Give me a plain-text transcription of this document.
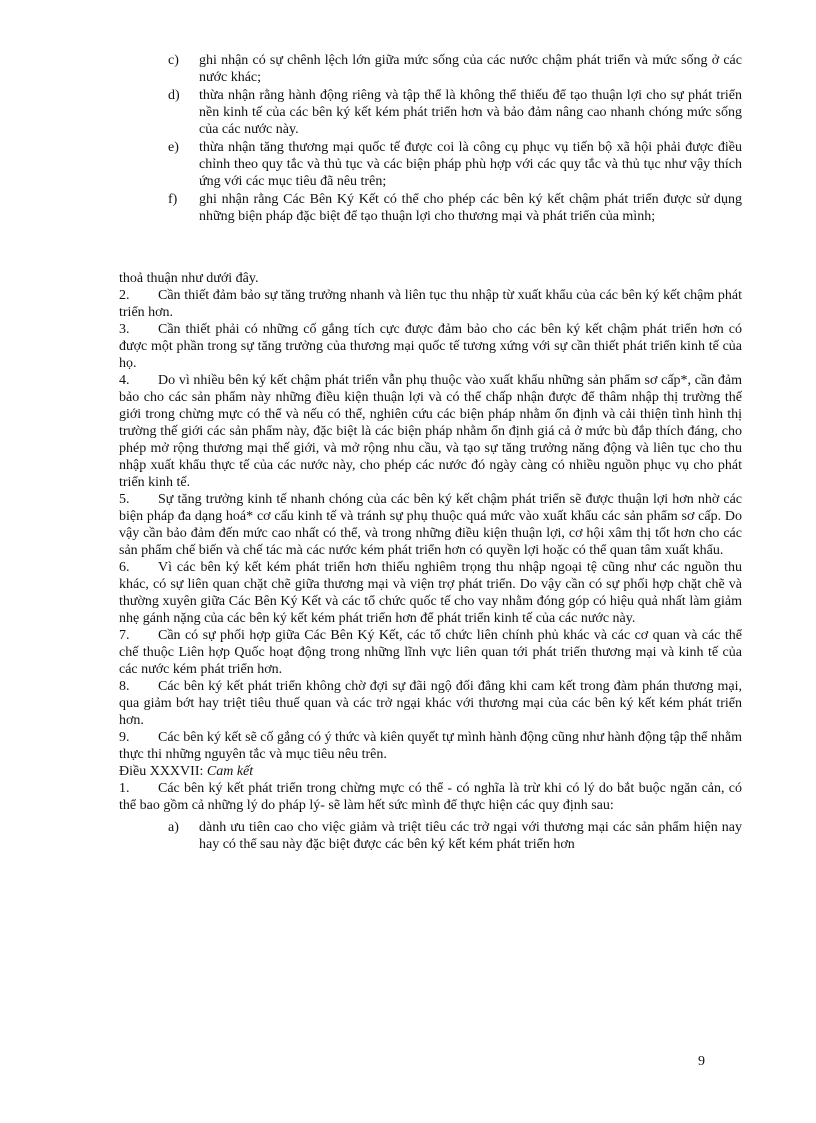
c)	ghi nhận có sự chênh lệch lớn giữa mức sống của các nước chậm phát triển và mức sống ở các nước khác;
d)	thừa nhận rằng hành động riêng và tập thể là không thể thiếu để tạo thuận lợi cho sự phát triển nền kinh tế của các bên ký kết kém phát triển hơn và bảo đảm nâng cao nhanh chóng mức sống của các nước này.
e)	thừa nhận tăng thương mại quốc tế được coi là công cụ phục vụ tiến bộ xã hội phải được điều chỉnh theo quy tắc và thủ tục và các biện pháp phù hợp với các quy tắc và thủ tục như vậy thích ứng với các mục tiêu đã nêu trên;
f)	ghi nhận rằng Các Bên Ký Kết có thể cho phép các bên ký kết chậm phát triển được sử dụng những biện pháp đặc biệt để tạo thuận lợi cho thương mại và phát triển của mình;
thoả thuận như dưới đây.
2. Cần thiết đảm bảo sự tăng trưởng nhanh và liên tục thu nhập từ xuất khẩu của các bên ký kết chậm phát triển hơn.
3. Cần thiết phải có những cố gắng tích cực được đảm bảo cho các bên ký kết chậm phát triển hơn có được một phần trong sự tăng trưởng của thương mại quốc tế tương xứng với sự cần thiết phát triển kinh tế của họ.
4. Do vì nhiều bên ký kết chậm phát triển vẫn phụ thuộc vào xuất khẩu những sản phẩm sơ cấp*, cần đảm bảo cho các sản phẩm này những điều kiện thuận lợi và có thể chấp nhận được để thâm nhập thị trường thế giới trong chừng mực có thể và nếu có thể, nghiên cứu các biện pháp nhằm ổn định và cải thiện tình hình thị trường thế giới các sản phẩm này, đặc biệt là các biện pháp nhằm ổn định giá cả ở mức bù đắp thích đáng, cho phép mở rộng thương mại thế giới, và mở rộng nhu cầu, và tạo sự tăng trưởng năng động và liên tục cho thu nhập xuất khẩu thực tế của các nước này, cho phép các nước đó ngày càng có nhiều nguồn phục vụ cho phát triển kinh tế.
5. Sự tăng trưởng kinh tế nhanh chóng của các bên ký kết chậm phát triển sẽ được thuận lợi hơn nhờ các biện pháp đa dạng hoá* cơ cấu kinh tế và tránh sự phụ thuộc quá mức vào xuất khẩu các sản phẩm sơ cấp. Do vậy cần bảo đảm đến mức cao nhất có thể, và trong những điều kiện thuận lợi, cơ hội xâm thị tốt hơn cho các sản phẩm chế biến và chế tác mà các nước kém phát triển hơn có quyền lợi hoặc có thể quan tâm xuất khẩu.
6. Vì các bên ký kết kém phát triển hơn thiếu nghiêm trọng thu nhập ngoại tệ cũng như các nguồn thu khác, có sự liên quan chặt chẽ giữa thương mại và viện trợ phát triển. Do vậy cần có sự phối hợp chặt chẽ và thường xuyên giữa Các Bên Ký Kết và các tổ chức quốc tế cho vay nhằm đóng góp có hiệu quả nhất làm giảm nhẹ gánh nặng của các bên ký kết kém phát triển hơn để phát triển kinh tế của các nước này.
7. Cần có sự phối hợp giữa Các Bên Ký Kết, các tổ chức liên chính phủ khác và các cơ quan và các thể chế thuộc Liên hợp Quốc hoạt động trong những lĩnh vực liên quan tới phát triển thương mại và kinh tế của các nước kém phát triển hơn.
8. Các bên ký kết phát triển không chờ đợi sự đãi ngộ đối đẳng khi cam kết trong đàm phán thương mại, qua giảm bớt hay triệt tiêu thuế quan và các trở ngại khác với thương mại của các bên ký kết kém phát triển hơn.
9. Các bên ký kết sẽ cố gắng có ý thức và kiên quyết tự mình hành động cũng như hành động tập thể nhằm thực thi những nguyên tắc và mục tiêu nêu trên.
Điều XXXVII: Cam kết
1. Các bên ký kết phát triển trong chừng mực có thể - có nghĩa là trừ khi có lý do bắt buộc ngăn cản, có thể bao gồm cả những lý do pháp lý- sẽ làm hết sức mình để thực hiện các quy định sau:
a)	dành ưu tiên cao cho việc giảm và triệt tiêu các trở ngại với thương mại các sản phẩm hiện nay hay có thể sau này đặc biệt được các bên ký kết kém phát triển hơn
9
